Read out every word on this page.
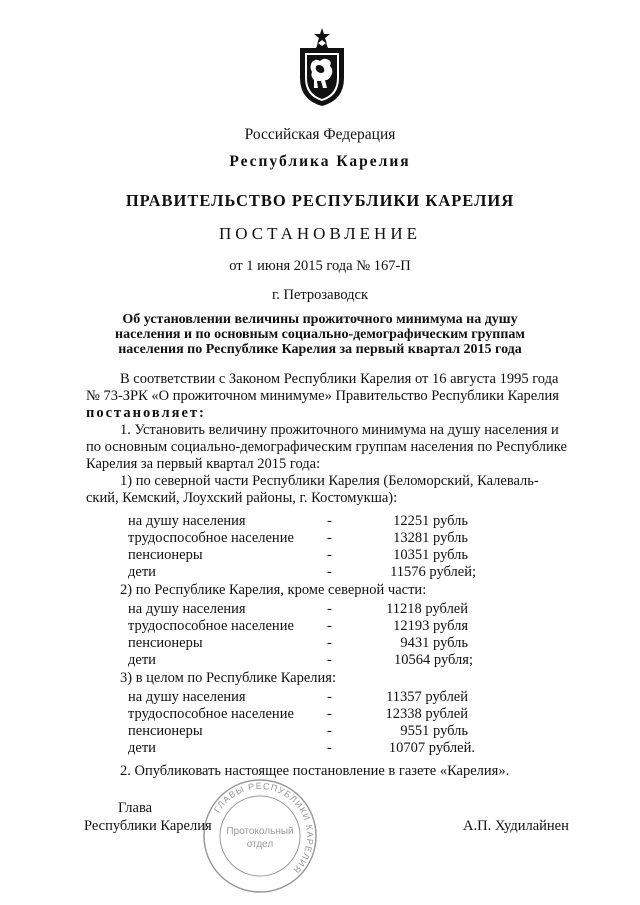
Российская Федерация
Республика Карелия
ПРАВИТЕЛЬСТВО РЕСПУБЛИКИ КАРЕЛИЯ
ПОСТАНОВЛЕНИЕ
от 1 июня 2015 года № 167-П
г. Петрозаводск
Об установлении величины прожиточного минимума на душу
населения и по основным социально-демографическим группам
населения по Республике Карелия за первый квартал 2015 года
В соответствии с Законом Республики Карелия от 16 августа 1995 года
№ 73-ЗРК «О прожиточном минимуме» Правительство Республики Карелия
постановляет:
1. Установить величину прожиточного минимума на душу населения и
по основным социально-демографическим группам населения по Республике
Карелия за первый квартал 2015 года:
1) по северной части Республики Карелия (Беломорский, Калеваль-
ский, Кемский, Лоухский районы, г. Костомукша):
на душу населения	-	12251 рубль
трудоспособное население -	13281 рубль
пенсионеры	-	10351 рубль
дети	-	11576 рублей;
2) по Республике Карелия, кроме северной части:
на душу населения	-	11218 рублей
трудоспособное население -	12193 рубля
пенсионеры	-	9431 рубль
дети	-	10564 рубля;
3) в целом по Республике Карелия:
на душу населения	-	11357 рублей
трудоспособное население -	12338 рублей
пенсионеры	-	9551 рубль
дети	-	10707 рублей.
2. Опубликовать настоящее постановление в газете «Карелия».
ГЛАВЫ РЕСПУБЛИКИ КАРЕЛИЯ
Протокольный
отдел
Глава
Республики Карелия	А.П. Худилайнен
